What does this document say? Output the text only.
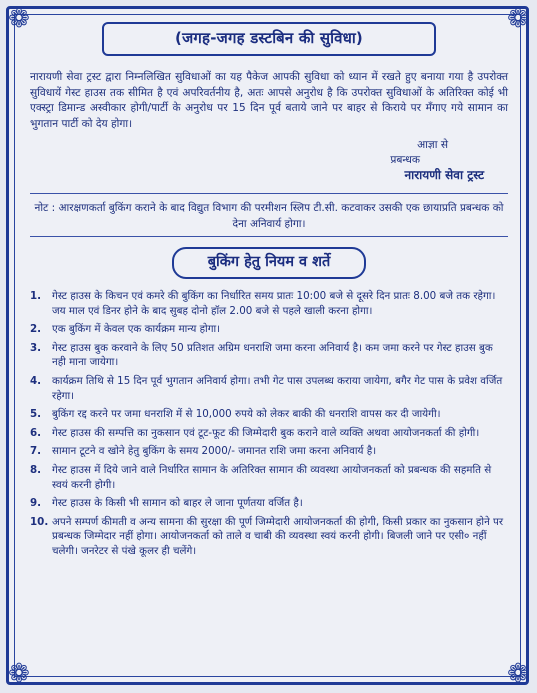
❁	❁
❁	❁
(जगह-जगह डस्टबिन की सुविधा)
नारायणी सेवा ट्रस्ट द्वारा निम्नलिखित सुविधाओं का यह पैकेज आपकी सुविधा को ध्यान में रखते हुए बनाया गया है उपरोक्त सुविधायें गेस्ट हाउस तक सीमित है एवं अपरिवर्तनीय है, अतः आपसे अनुरोध है कि उपरोक्त सुविधाओं के अतिरिक्त कोई भी एक्स्ट्रा डिमान्ड अस्वीकार होगी/पार्टी के अनुरोध पर 15 दिन पूर्व बताये जाने पर बाहर से किराये पर मँगाए गये सामान का भुगतान पार्टी को देय होगा।
आज्ञा से
प्रबन्धक
नारायणी सेवा ट्रस्ट
नोट : आरक्षणकर्ता बुकिंग कराने के बाद विद्युत विभाग की परमीशन स्लिप टी.सी. कटवाकर उसकी एक छायाप्रति प्रबन्धक को देना अनिवार्य होगा।
बुकिंग हेतु नियम व शर्ते
1.	गेस्ट हाउस के किचन एवं कमरे की बुकिंग का निर्धारित समय प्रातः 10:00 बजे से दूसरे दिन प्रातः 8.00 बजे तक रहेगा। जय माल एवं डिनर होने के बाद सुबह दोनो हॉल 2.00 बजे से पहले खाली करना होगा।
2.	एक बुकिंग में केवल एक कार्यक्रम मान्य होगा।
3.	गेस्ट हाउस बुक करवाने के लिए 50 प्रतिशत अग्रिम धनराशि जमा करना अनिवार्य है। कम जमा करने पर गेस्ट हाउस बुक नही माना जायेगा।
4.	कार्यक्रम तिथि से 15 दिन पूर्व भुगतान अनिवार्य होगा। तभी गेट पास उपलब्ध कराया जायेगा, बगैर गेट पास के प्रवेश वर्जित रहेगा।
5.	बुकिंग रद्द करने पर जमा धनराशि में से 10,000 रुपये को लेकर बाकी की धनराशि वापस कर दी जायेगी।
6.	गेस्ट हाउस की सम्पत्ति का नुकसान एवं टूट-फूट की जिम्मेदारी बुक कराने वाले व्यक्ति अथवा आयोजनकर्ता की होगी।
7.	सामान टूटने व खोने हेतु बुकिंग के समय 2000/- जमानत राशि जमा करना अनिवार्य है।
8.	गेस्ट हाउस में दिये जाने वाले निर्धारित सामान के अतिरिक्त सामान की व्यवस्था आयोजनकर्ता को प्रबन्धक की सहमति से स्वयं करनी होगी।
9.	गेस्ट हाउस के किसी भी सामान को बाहर ले जाना पूर्णतया वर्जित है।
10. अपने सम्पर्ण कीमती व अन्य सामना की सुरक्षा की पूर्ण जिम्मेदारी आयोजनकर्ता की होगी, किसी प्रकार का नुकसान होने पर प्रबन्धक जिम्मेदार नहीं होगा। आयोजनकर्ता को ताले व चाबी की व्यवस्था स्वयं करनी होगी। बिजली जाने पर एसी० नहीं चलेगी। जनरेटर से पंखे कूलर ही चलेंगे।
